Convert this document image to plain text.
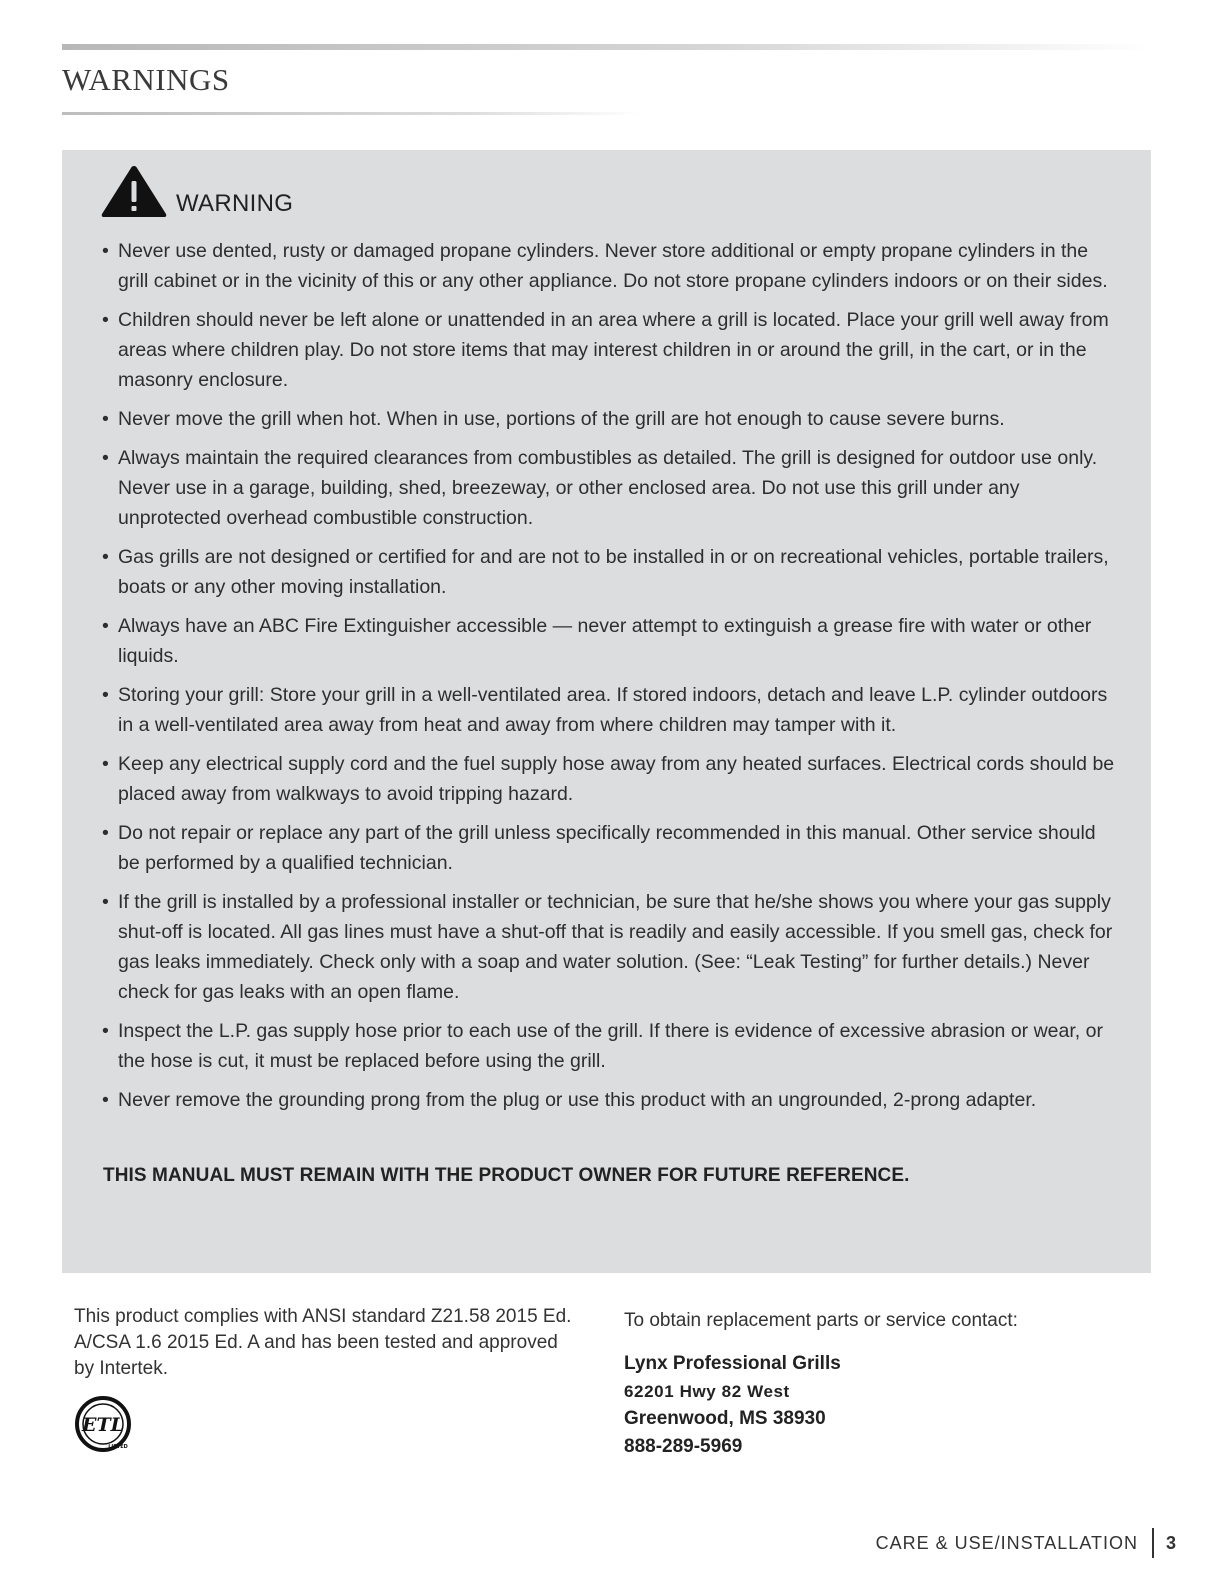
WARNINGS
WARNING
• Never use dented, rusty or damaged propane cylinders. Never store additional or empty propane cylinders in the grill cabinet or in the vicinity of this or any other appliance. Do not store propane cylinders indoors or on their sides.
• Children should never be left alone or unattended in an area where a grill is located. Place your grill well away from areas where children play. Do not store items that may interest children in or around the grill, in the cart, or in the masonry enclosure.
• Never move the grill when hot. When in use, portions of the grill are hot enough to cause severe burns.
• Always maintain the required clearances from combustibles as detailed. The grill is designed for outdoor use only. Never use in a garage, building, shed, breezeway, or other enclosed area. Do not use this grill under any unprotected overhead combustible construction.
• Gas grills are not designed or certified for and are not to be installed in or on recreational vehicles, portable trailers, boats or any other moving installation.
• Always have an ABC Fire Extinguisher accessible — never attempt to extinguish a grease fire with water or other liquids.
• Storing your grill: Store your grill in a well-ventilated area. If stored indoors, detach and leave L.P. cylinder outdoors in a well-ventilated area away from heat and away from where children may tamper with it.
• Keep any electrical supply cord and the fuel supply hose away from any heated surfaces. Electrical cords should be placed away from walkways to avoid tripping hazard.
• Do not repair or replace any part of the grill unless specifically recommended in this manual. Other service should be performed by a qualified technician.
• If the grill is installed by a professional installer or technician, be sure that he/she shows you where your gas supply shut-off is located. All gas lines must have a shut-off that is readily and easily accessible. If you smell gas, check for gas leaks immediately. Check only with a soap and water solution. (See: “Leak Testing” for further details.) Never check for gas leaks with an open flame.
• Inspect the L.P. gas supply hose prior to each use of the grill. If there is evidence of excessive abrasion or wear, or the hose is cut, it must be replaced before using the grill.
• Never remove the grounding prong from the plug or use this product with an ungrounded, 2-prong adapter.

THIS MANUAL MUST REMAIN WITH THE PRODUCT OWNER FOR FUTURE REFERENCE.

This product complies with ANSI standard Z21.58 2015 Ed. A/CSA 1.6 2015 Ed. A and has been tested and approved by Intertek.

ETL
LISTED

To obtain replacement parts or service contact:

Lynx Professional Grills
62201 Hwy 82 West
Greenwood, MS 38930
888-289-5969
CARE & USE/INSTALLATION 3
